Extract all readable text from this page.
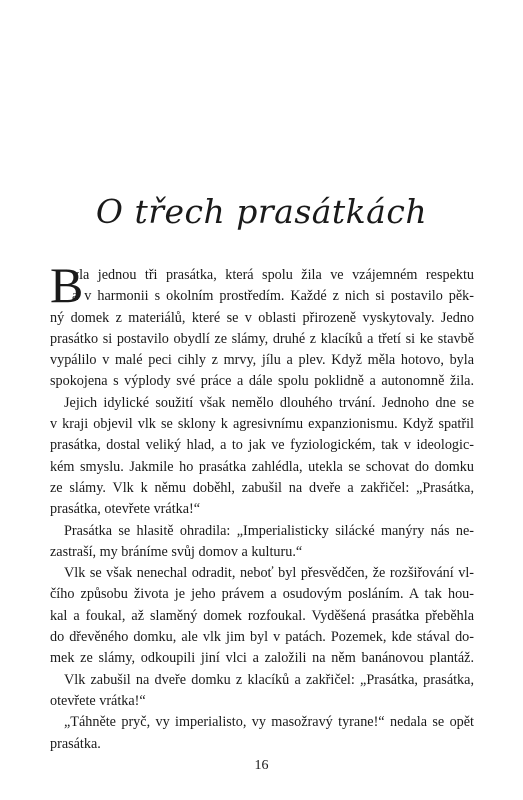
O třech prasátkách
B
yla jednou tři prasátka, která spolu žila ve vzájemném respektu
a v harmonii s okolním prostředím. Každé z nich si postavilo pěk-
ný domek z materiálů, které se v oblasti přirozeně vyskytovaly. Jedno
prasátko si postavilo obydlí ze slámy, druhé z klacíků a třetí si ke stavbě
vypálilo v malé peci cihly z mrvy, jílu a plev. Když měla hotovo, byla
spokojena s výplody své práce a dále spolu poklidně a autonomně žila.
Jejich idylické soužití však nemělo dlouhého trvání. Jednoho dne se
v kraji objevil vlk se sklony k agresivnímu expanzionismu. Když spatřil
prasátka, dostal veliký hlad, a to jak ve fyziologickém, tak v ideologic-
kém smyslu. Jakmile ho prasátka zahlédla, utekla se schovat do domku
ze slámy. Vlk k němu doběhl, zabušil na dveře a zakřičel: „Prasátka,
prasátka, otevřete vrátka!“
Prasátka se hlasitě ohradila: „Imperialisticky silácké manýry nás ne-
zastraší, my bráníme svůj domov a kulturu.“
Vlk se však nenechal odradit, neboť byl přesvědčen, že rozšiřování vl-
čího způsobu života je jeho právem a osudovým posláním. A tak hou-
kal a foukal, až slaměný domek rozfoukal. Vyděšená prasátka přeběhla
do dřevěného domku, ale vlk jim byl v patách. Pozemek, kde stával do-
mek ze slámy, odkoupili jiní vlci a založili na něm banánovou plantáž.
Vlk zabušil na dveře domku z klacíků a zakřičel: „Prasátka, prasátka,
otevřete vrátka!“
„Táhněte pryč, vy imperialisto, vy masožravý tyrane!“ nedala se opět
prasátka.
16
